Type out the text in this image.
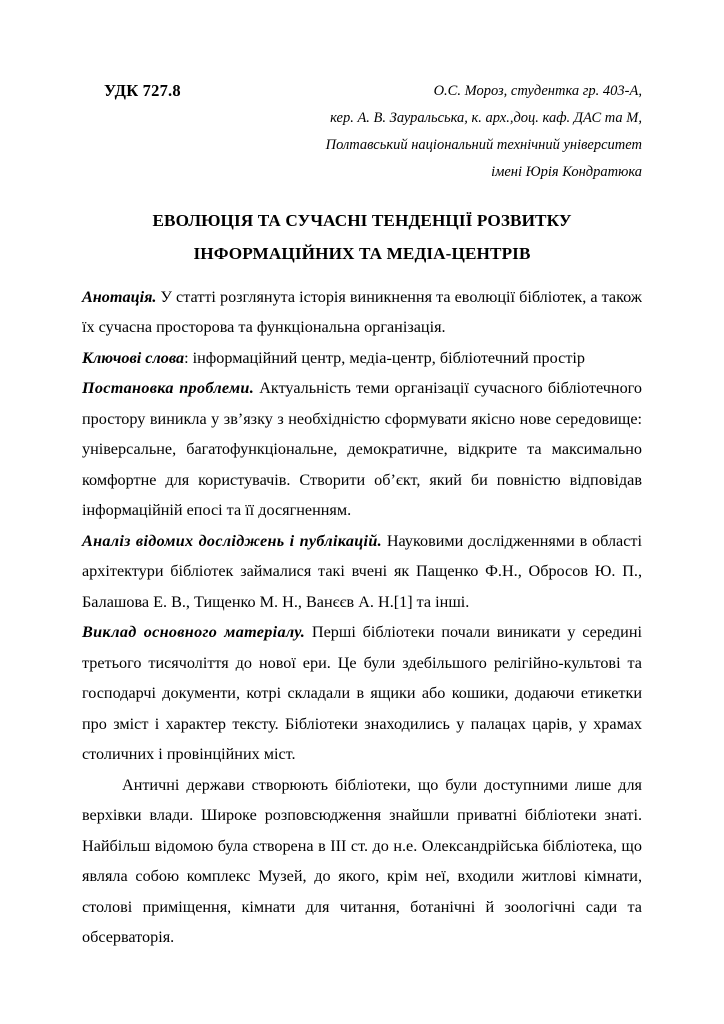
УДК 727.8	О.С. Мороз, студентка гр. 403-А,
кер. А. В. Зауральська, к. арх.,доц. каф. ДАС та М,
Полтавський національний технічний університет
імені Юрія Кондратюка
ЕВОЛЮЦІЯ ТА СУЧАСНІ ТЕНДЕНЦІЇ РОЗВИТКУ
ІНФОРМАЦІЙНИХ ТА МЕДІА-ЦЕНТРІВ

Анотація. У статті розглянута історія виникнення та еволюції бібліотек, а також їх сучасна просторова та функціональна організація.

Ключові слова: інформаційний центр, медіа-центр, бібліотечний простір

Постановка проблеми. Актуальність теми організації сучасного бібліотечного простору виникла у зв’язку з необхідністю сформувати якісно нове середовище: універсальне, багатофункціональне, демократичне, відкрите та максимально комфортне для користувачів. Створити об’єкт, який би повністю відповідав інформаційній епосі та її досягненням.

Аналіз відомих досліджень і публікацій. Науковими дослідженнями в області архітектури бібліотек займалися такі вчені як Пащенко Ф.Н., Обросов Ю. П., Балашова Е. В., Тищенко М. Н., Ванєєв А. Н.[1] та інші.

Виклад основного матеріалу. Перші бібліотеки почали виникати у середині третього тисячоліття до нової ери. Це були здебільшого релігійно-культові та господарчі документи, котрі складали в ящики або кошики, додаючи етикетки про зміст і характер тексту. Бібліотеки знаходились у палацах царів, у храмах столичних і провінційних міст.

Античні держави створюють бібліотеки, що були доступними лише для верхівки влади. Широке розповсюдження знайшли приватні бібліотеки знаті. Найбільш відомою була створена в III ст. до н.е. Олександрійська бібліотека, що являла собою комплекс Музей, до якого, крім неї, входили житлові кімнати, столові приміщення, кімнати для читання, ботанічні й зоологічні сади та обсерваторія.
